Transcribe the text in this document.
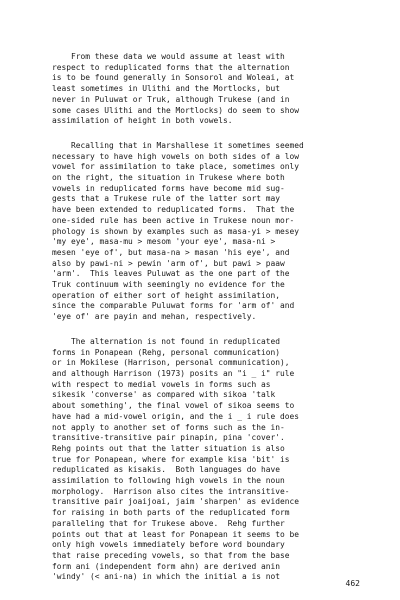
From these data we would assume at least with
respect to reduplicated forms that the alternation
is to be found generally in Sonsorol and Woleai, at
least sometimes in Ulithi and the Mortlocks, but
never in Puluwat or Truk, although Trukese (and in
some cases Ulithi and the Mortlocks) do seem to show
assimilation of height in both vowels.
Recalling that in Marshallese it sometimes seemed
necessary to have high vowels on both sides of a low
vowel for assimilation to take place, sometimes only
on the right, the situation in Trukese where both
vowels in reduplicated forms have become mid sug-
gests that a Trukese rule of the latter sort may
have been extended to reduplicated forms.  That the
one-sided rule has been active in Trukese noun mor-
phology is shown by examples such as masa-yi > mesey
'my eye', masa-mu > mesom 'your eye', masa-ni >
mesen 'eye of', but masa-na > masan 'his eye', and
also by pawi-ni > pewin 'arm of', but pawi > paaw
'arm'.  This leaves Puluwat as the one part of the
Truk continuum with seemingly no evidence for the
operation of either sort of height assimilation,
since the comparable Puluwat forms for 'arm of' and
'eye of' are payin and mehan, respectively.
The alternation is not found in reduplicated
forms in Ponapean (Rehg, personal communication)
or in Mokilese (Harrison, personal communication),
and although Harrison (1973) posits an "i _ i" rule
with respect to medial vowels in forms such as
sikesik 'converse' as compared with sikoa 'talk
about something', the final vowel of sikoa seems to
have had a mid-vowel origin, and the i _ i rule does
not apply to another set of forms such as the in-
transitive-transitive pair pinapin, pina 'cover'.
Rehg points out that the latter situation is also
true for Ponapean, where for example kisa 'bit' is
reduplicated as kisakis.  Both languages do have
assimilation to following high vowels in the noun
morphology.  Harrison also cites the intransitive-
transitive pair joaijoai, jaim 'sharpen' as evidence
for raising in both parts of the reduplicated form
paralleling that for Trukese above.  Rehg further
points out that at least for Ponapean it seems to be
only high vowels immediately before word boundary
that raise preceding vowels, so that from the base
form ani (independent form ahn) are derived anin
'windy' (< ani-na) in which the initial a is not
462
